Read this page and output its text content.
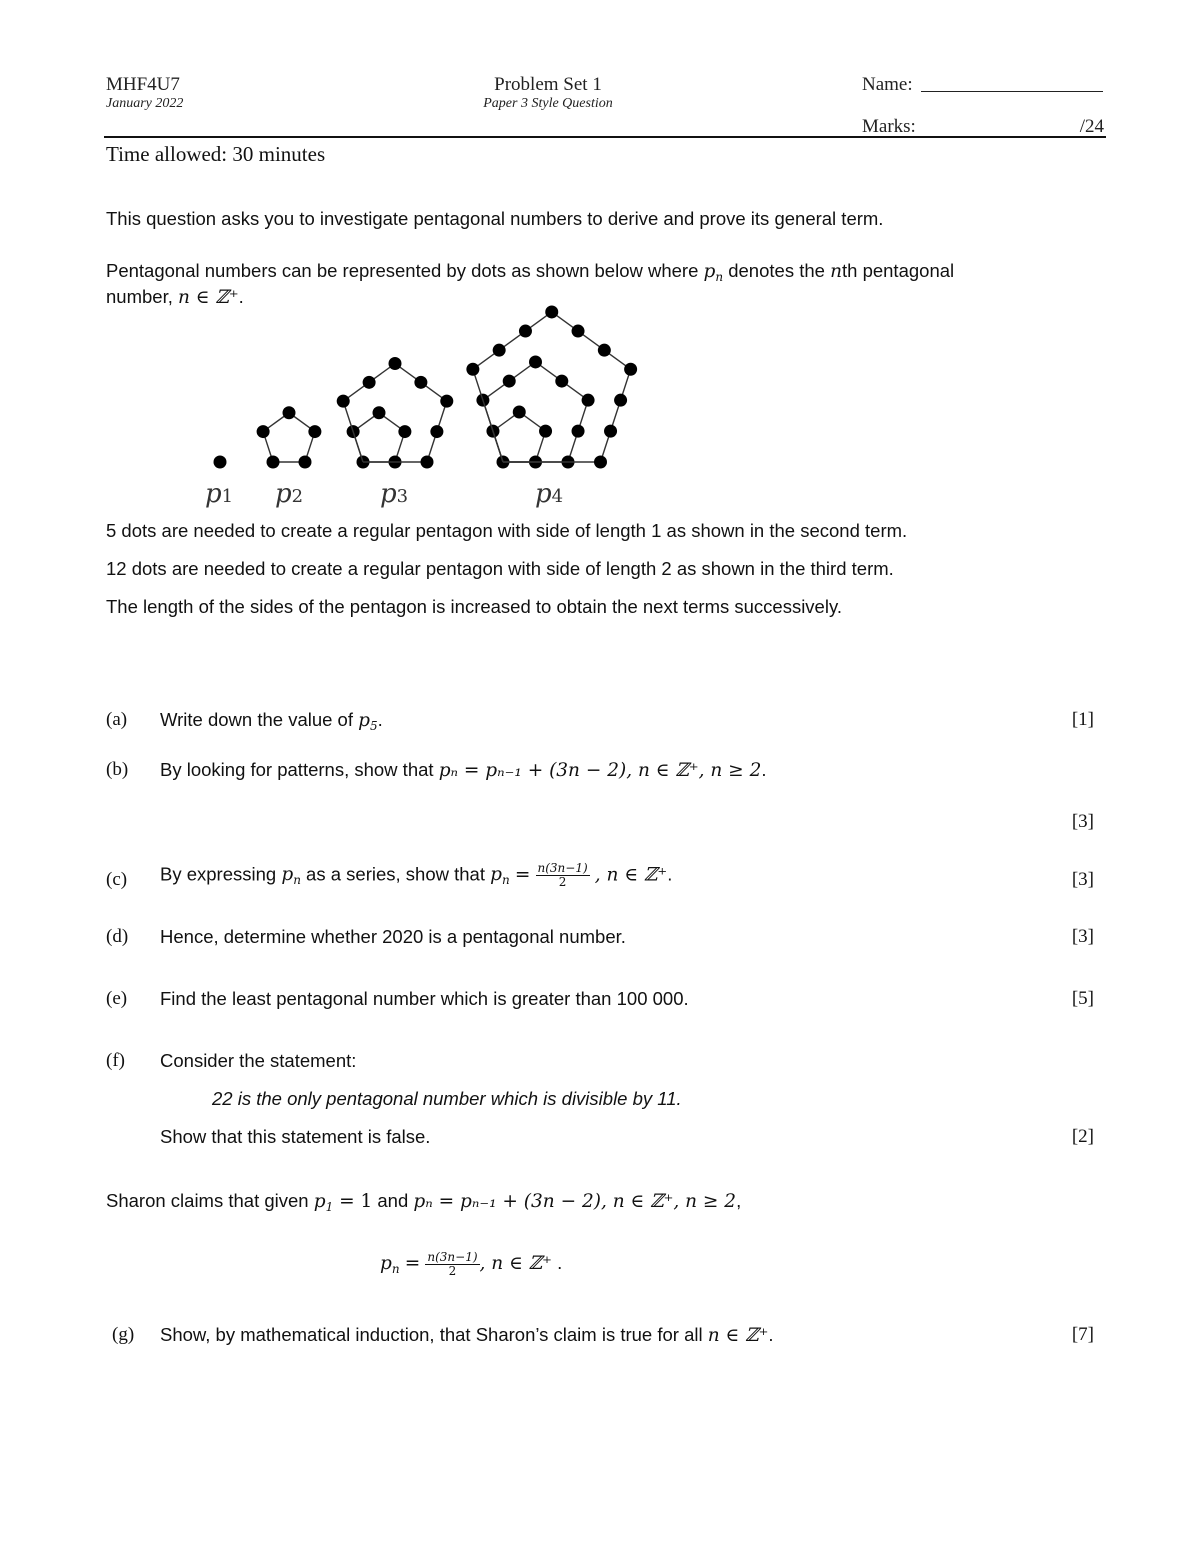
MHF4U7
January 2022
Problem Set 1
Paper 3 Style Question
Name:
Marks:	/24
Time allowed: 30 minutes
This question asks you to investigate pentagonal numbers to derive and prove its general term.
Pentagonal numbers can be represented by dots as shown below where $p_n$ denotes the nth pentagonal
number, n ∈ ℤ⁺.
p1 p2	p3	p4
5 dots are needed to create a regular pentagon with side of length 1 as shown in the second term.
12 dots are needed to create a regular pentagon with side of length 2 as shown in the third term.
The length of the sides of the pentagon is increased to obtain the next terms successively.
(a) Write down the value of $p_5$.	[1]
(b) By looking for patterns, show that pₙ = pₙ₋₁ + (3n − 2), n ∈ ℤ⁺, n ≥ 2.
[3]
(c) By expressing $p_n$ as a series, show that $p_n = \frac{n(3n-1)}{2}$ , n ∈ ℤ⁺.	[3]
(d) Hence, determine whether 2020 is a pentagonal number.	[3]
(e) Find the least pentagonal number which is greater than 100 000.	[5]
(f) Consider the statement:
22 is the only pentagonal number which is divisible by 11.
Show that this statement is false.	[2]
Sharon claims that given $p_1 = 1$ and pₙ = pₙ₋₁ + (3n − 2), n ∈ ℤ⁺, n ≥ 2,
$p_n = \frac{n(3n-1)}{2}$ , n ∈ ℤ⁺ .
(g) Show, by mathematical induction, that Sharon’s claim is true for all n ∈ ℤ⁺.	[7]
